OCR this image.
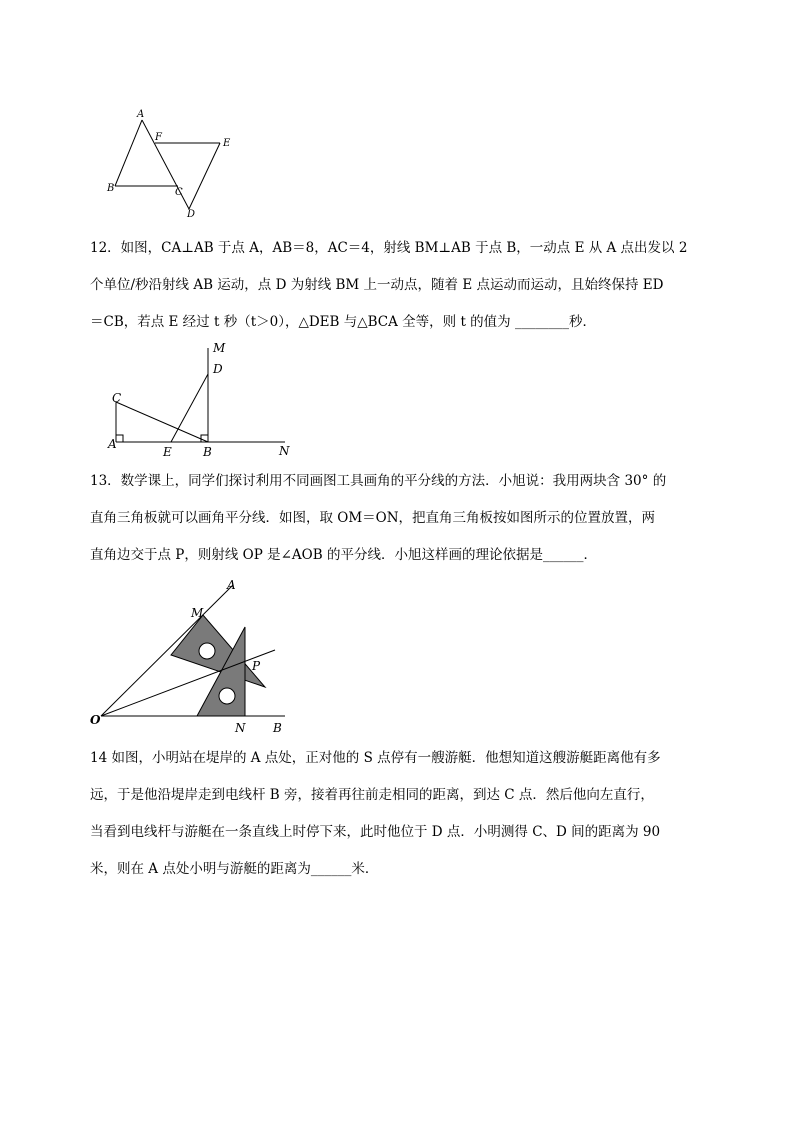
A
B	C
D
E
F
12．如图，CA⊥AB 于点 A，AB＝8，AC＝4，射线 BM⊥AB 于点 B，一动点 E 从 A 点出发以 2
个单位/秒沿射线 AB 运动，点 D 为射线 BM 上一动点，随着 E 点运动而运动，且始终保持 ED
＝CB，若点 E 经过 t 秒（t＞0），△DEB 与△BCA 全等，则 t 的值为 ________秒．
M
D
C
A
E	B	N
13．数学课上，同学们探讨利用不同画图工具画角的平分线的方法．小旭说：我用两块含 30° 的
直角三角板就可以画角平分线．如图，取 OM＝ON，把直角三角板按如图所示的位置放置，两
直角边交于点 P，则射线 OP 是∠AOB 的平分线．小旭这样画的理论依据是______．
A
M
P
O
N B
14 如图，小明站在堤岸的 A 点处，正对他的 S 点停有一艘游艇．他想知道这艘游艇距离他有多
远，于是他沿堤岸走到电线杆 B 旁，接着再往前走相同的距离，到达 C 点．然后他向左直行，
当看到电线杆与游艇在一条直线上时停下来，此时他位于 D 点．小明测得 C、D 间的距离为 90
米，则在 A 点处小明与游艇的距离为______米．
